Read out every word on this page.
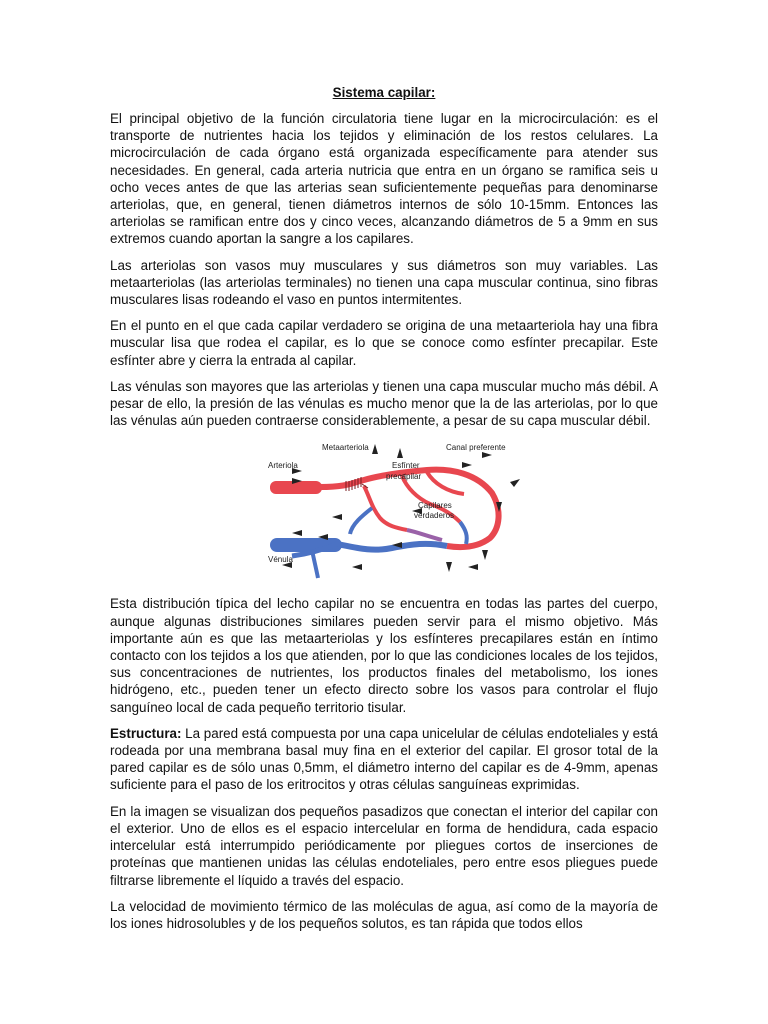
Sistema capilar:

El principal objetivo de la función circulatoria tiene lugar en la microcirculación: es el transporte de nutrientes hacia los tejidos y eliminación de los restos celulares. La microcirculación de cada órgano está organizada específicamente para atender sus necesidades. En general, cada arteria nutricia que entra en un órgano se ramifica seis u ocho veces antes de que las arterias sean suficientemente pequeñas para denominarse arteriolas, que, en general, tienen diámetros internos de sólo 10-15mm. Entonces las arteriolas se ramifican entre dos y cinco veces, alcanzando diámetros de 5 a 9mm en sus extremos cuando aportan la sangre a los capilares.

Las arteriolas son vasos muy musculares y sus diámetros son muy variables. Las metaarteriolas (las arteriolas terminales) no tienen una capa muscular continua, sino fibras musculares lisas rodeando el vaso en puntos intermitentes.

En el punto en el que cada capilar verdadero se origina de una metaarteriola hay una fibra muscular lisa que rodea el capilar, es lo que se conoce como esfínter precapilar. Este esfínter abre y cierra la entrada al capilar.

Las vénulas son mayores que las arteriolas y tienen una capa muscular mucho más débil. A pesar de ello, la presión de las vénulas es mucho menor que la de las arteriolas, por lo que las vénulas aún pueden contraerse considerablemente, a pesar de su capa muscular débil.

Metaarteriola	Canal preferente
Arteriola	Esfínter
precapilar
Capilares
verdaderos
Vénula

Esta distribución típica del lecho capilar no se encuentra en todas las partes del cuerpo, aunque algunas distribuciones similares pueden servir para el mismo objetivo. Más importante aún es que las metaarteriolas y los esfínteres precapilares están en íntimo contacto con los tejidos a los que atienden, por lo que las condiciones locales de los tejidos, sus concentraciones de nutrientes, los productos finales del metabolismo, los iones hidrógeno, etc., pueden tener un efecto directo sobre los vasos para controlar el flujo sanguíneo local de cada pequeño territorio tisular.

Estructura: La pared está compuesta por una capa unicelular de células endoteliales y está rodeada por una membrana basal muy fina en el exterior del capilar. El grosor total de la pared capilar es de sólo unas 0,5mm, el diámetro interno del capilar es de 4-9mm, apenas suficiente para el paso de los eritrocitos y otras células sanguíneas exprimidas.

En la imagen se visualizan dos pequeños pasadizos que conectan el interior del capilar con el exterior. Uno de ellos es el espacio intercelular en forma de hendidura, cada espacio intercelular está interrumpido periódicamente por pliegues cortos de inserciones de proteínas que mantienen unidas las células endoteliales, pero entre esos pliegues puede filtrarse libremente el líquido a través del espacio.

La velocidad de movimiento térmico de las moléculas de agua, así como de la mayoría de los iones hidrosolubles y de los pequeños solutos, es tan rápida que todos ellos
